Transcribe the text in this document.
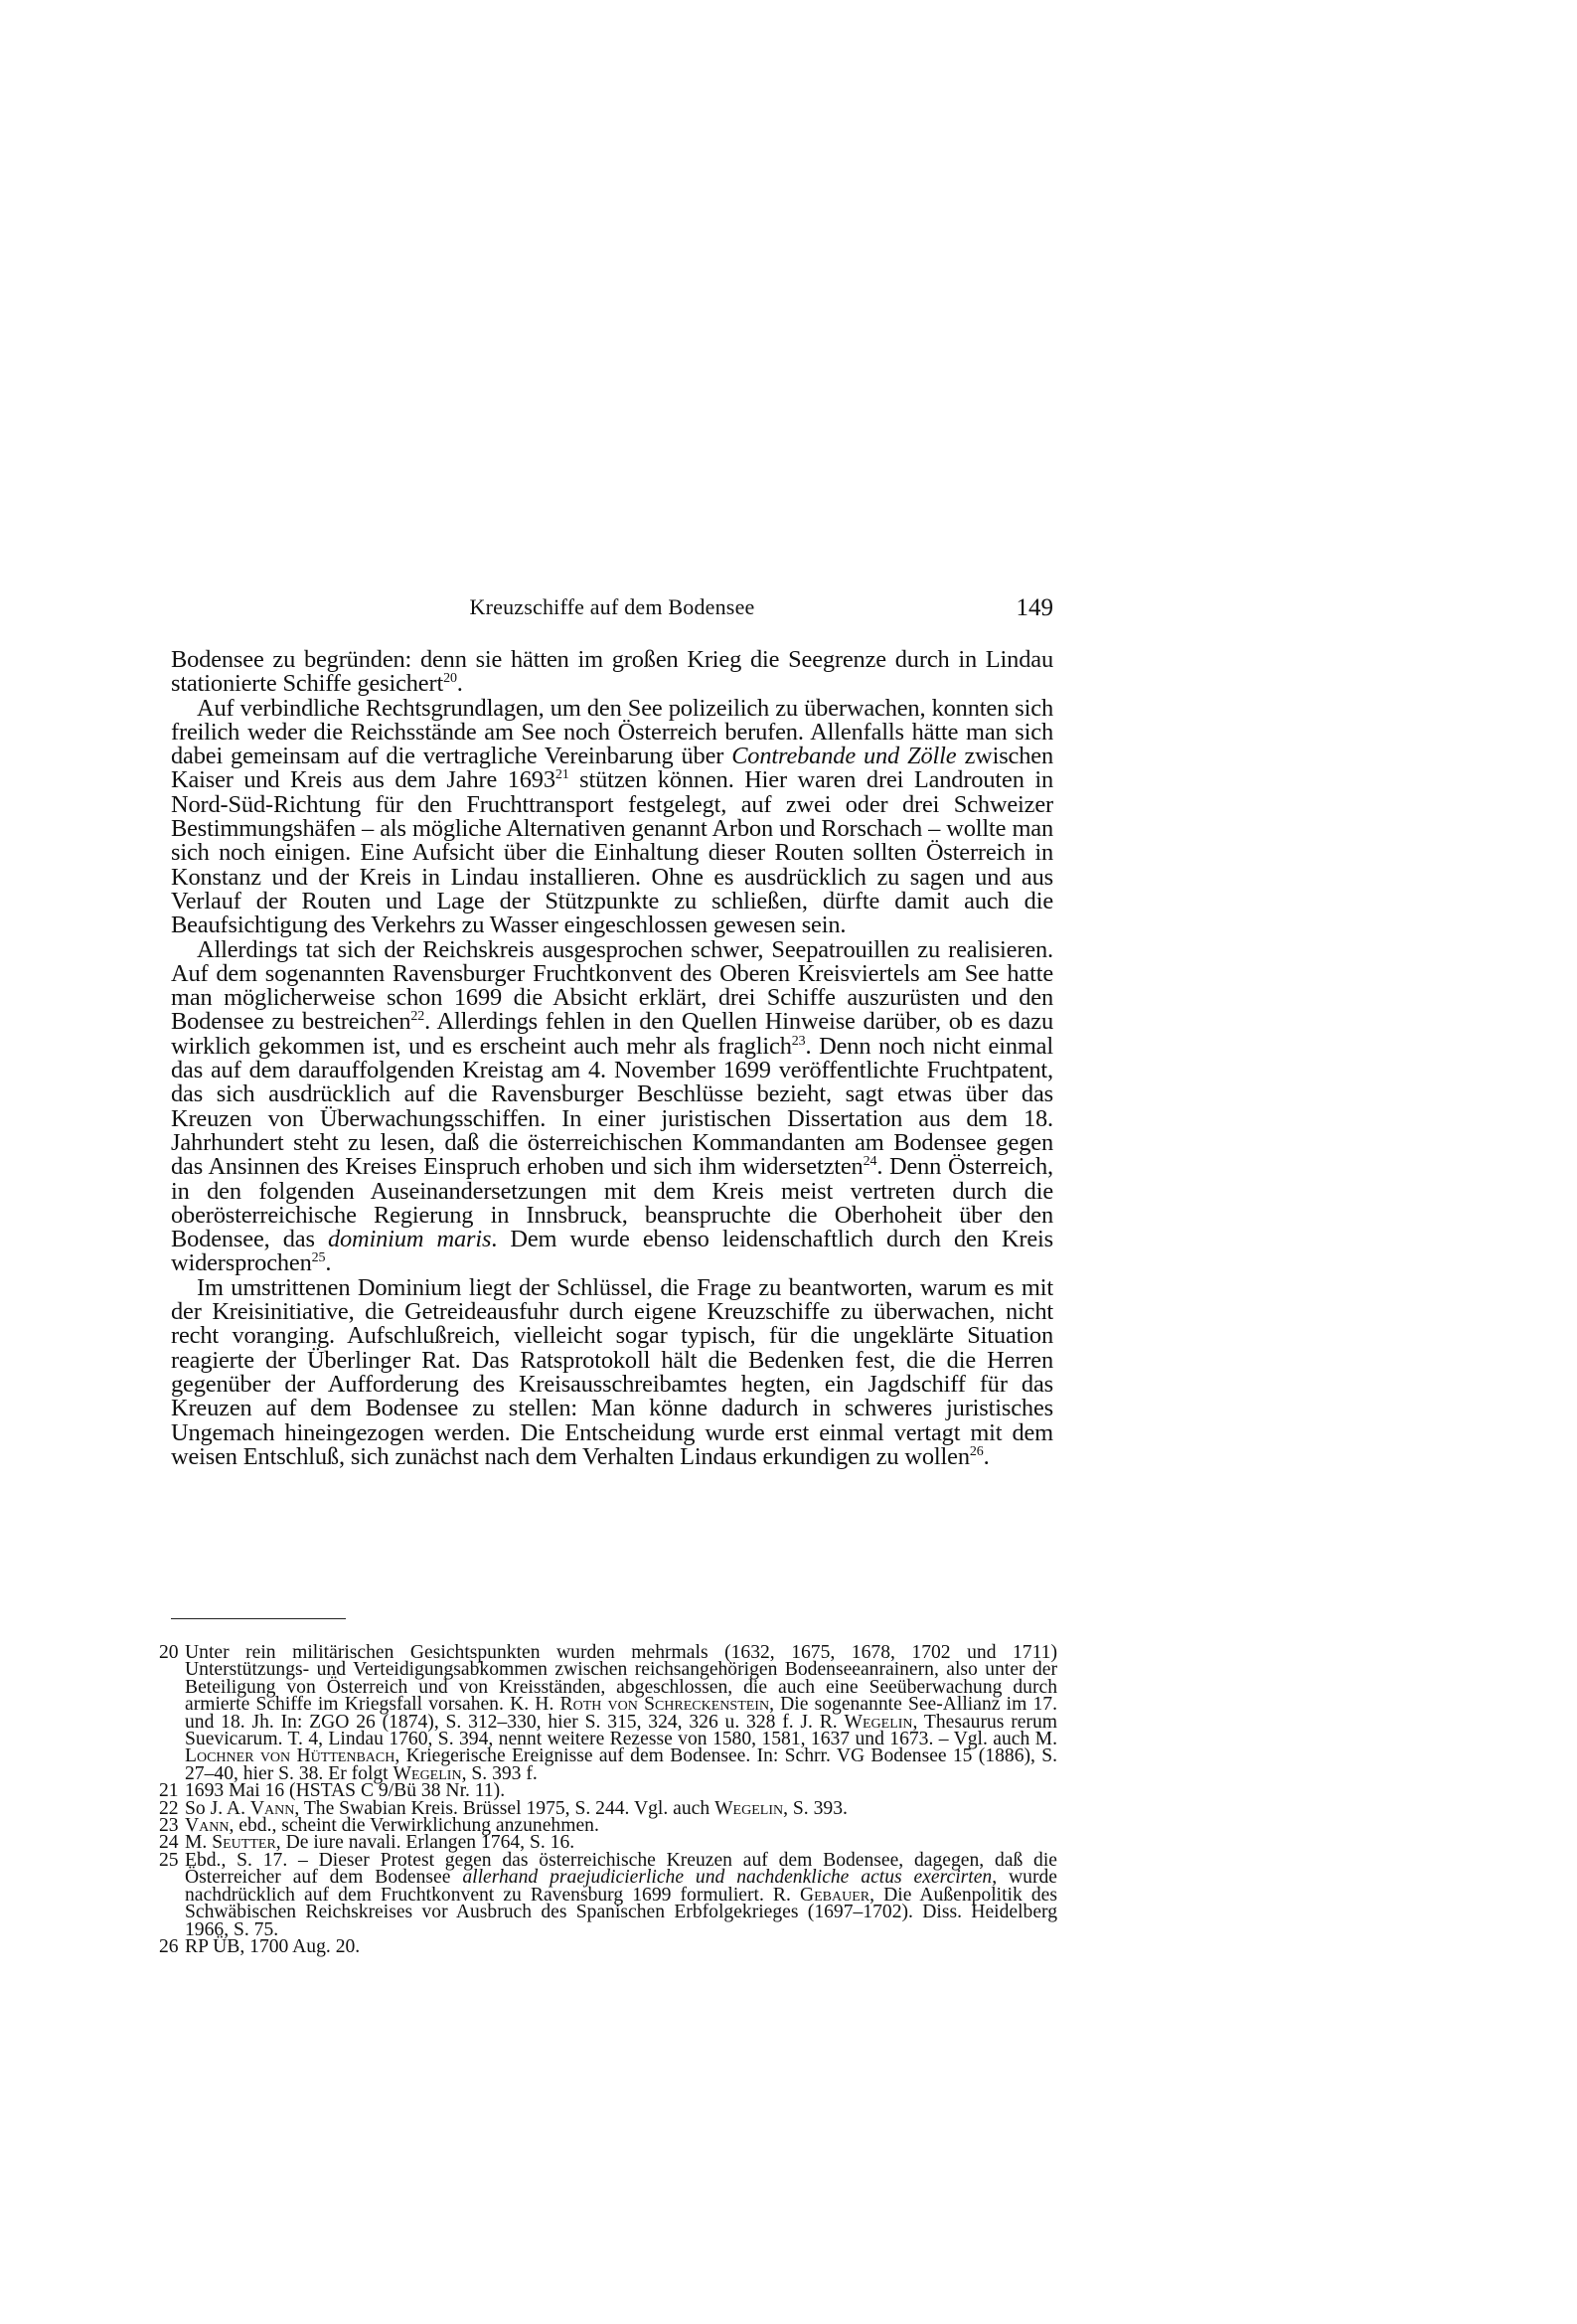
Kreuzschiffe auf dem Bodensee	149

Bodensee zu begründen: denn sie hätten im großen Krieg die Seegrenze durch in Lindau stationierte Schiffe gesichert$^{20}$.

Auf verbindliche Rechtsgrundlagen, um den See polizeilich zu überwachen, konnten sich freilich weder die Reichsstände am See noch Österreich berufen. Allenfalls hätte man sich dabei gemeinsam auf die vertragliche Vereinbarung über Contrebande und Zölle zwischen Kaiser und Kreis aus dem Jahre 1693$^{21}$ stützen können. Hier waren drei Landrouten in Nord-Süd-Richtung für den Fruchttransport festgelegt, auf zwei oder drei Schweizer Bestimmungshäfen – als mögliche Alternativen genannt Arbon und Rorschach – wollte man sich noch einigen. Eine Aufsicht über die Einhaltung dieser Routen sollten Österreich in Konstanz und der Kreis in Lindau installieren. Ohne es ausdrücklich zu sagen und aus Verlauf der Routen und Lage der Stützpunkte zu schließen, dürfte damit auch die Beaufsichtigung des Verkehrs zu Wasser eingeschlossen gewesen sein.

Allerdings tat sich der Reichskreis ausgesprochen schwer, Seepatrouillen zu realisieren. Auf dem sogenannten Ravensburger Fruchtkonvent des Oberen Kreisviertels am See hatte man möglicherweise schon 1699 die Absicht erklärt, drei Schiffe auszurüsten und den Bodensee zu bestreichen$^{22}$. Allerdings fehlen in den Quellen Hinweise darüber, ob es dazu wirklich gekommen ist, und es erscheint auch mehr als fraglich$^{23}$. Denn noch nicht einmal das auf dem darauffolgenden Kreistag am 4. November 1699 veröffentlichte Fruchtpatent, das sich ausdrücklich auf die Ravensburger Beschlüsse bezieht, sagt etwas über das Kreuzen von Überwachungsschiffen. In einer juristischen Dissertation aus dem 18. Jahrhundert steht zu lesen, daß die österreichischen Kommandanten am Bodensee gegen das Ansinnen des Kreises Einspruch erhoben und sich ihm widersetzten$^{24}$. Denn Österreich, in den folgenden Auseinandersetzungen mit dem Kreis meist vertreten durch die oberösterreichische Regierung in Innsbruck, beanspruchte die Oberhoheit über den Bodensee, das dominium maris. Dem wurde ebenso leidenschaftlich durch den Kreis widersprochen$^{25}$.

Im umstrittenen Dominium liegt der Schlüssel, die Frage zu beantworten, warum es mit der Kreisinitiative, die Getreideausfuhr durch eigene Kreuzschiffe zu überwachen, nicht recht voranging. Aufschlußreich, vielleicht sogar typisch, für die ungeklärte Situation reagierte der Überlinger Rat. Das Ratsprotokoll hält die Bedenken fest, die die Herren gegenüber der Aufforderung des Kreisausschreibamtes hegten, ein Jagdschiff für das Kreuzen auf dem Bodensee zu stellen: Man könne dadurch in schweres juristisches Ungemach hineingezogen werden. Die Entscheidung wurde erst einmal vertagt mit dem weisen Entschluß, sich zunächst nach dem Verhalten Lindaus erkundigen zu wollen$^{26}$.

20 Unter rein militärischen Gesichtspunkten wurden mehrmals (1632, 1675, 1678, 1702 und 1711) Unterstützungs- und Verteidigungsabkommen zwischen reichsangehörigen Bodenseeanrainern, also unter der Beteiligung von Österreich und von Kreisständen, abgeschlossen, die auch eine Seeüberwachung durch armierte Schiffe im Kriegsfall vorsahen. K. H. Roth von Schreckenstein, Die sogenannte See-Allianz im 17. und 18. Jh. In: ZGO 26 (1874), S. 312–330, hier S. 315, 324, 326 u. 328 f. J. R. Wegelin, Thesaurus rerum Suevicarum. T. 4, Lindau 1760, S. 394, nennt weitere Rezesse von 1580, 1581, 1637 und 1673. – Vgl. auch M. Lochner von Hüttenbach, Kriegerische Ereignisse auf dem Bodensee. In: Schrr. VG Bodensee 15 (1886), S. 27–40, hier S. 38. Er folgt Wegelin, S. 393 f.
21 1693 Mai 16 (HSTAS C 9/Bü 38 Nr. 11).
22 So J. A. Vann, The Swabian Kreis. Brüssel 1975, S. 244. Vgl. auch Wegelin, S. 393.
23 Vann, ebd., scheint die Verwirklichung anzunehmen.
24 M. Seutter, De iure navali. Erlangen 1764, S. 16.
25 Ebd., S. 17. – Dieser Protest gegen das österreichische Kreuzen auf dem Bodensee, dagegen, daß die Österreicher auf dem Bodensee allerhand praejudicierliche und nachdenkliche actus exercirten, wurde nachdrücklich auf dem Fruchtkonvent zu Ravensburg 1699 formuliert. R. Gebauer, Die Außenpolitik des Schwäbischen Reichskreises vor Ausbruch des Spanischen Erbfolgekrieges (1697–1702). Diss. Heidelberg 1966, S. 75.
26 RP ÜB, 1700 Aug. 20.
